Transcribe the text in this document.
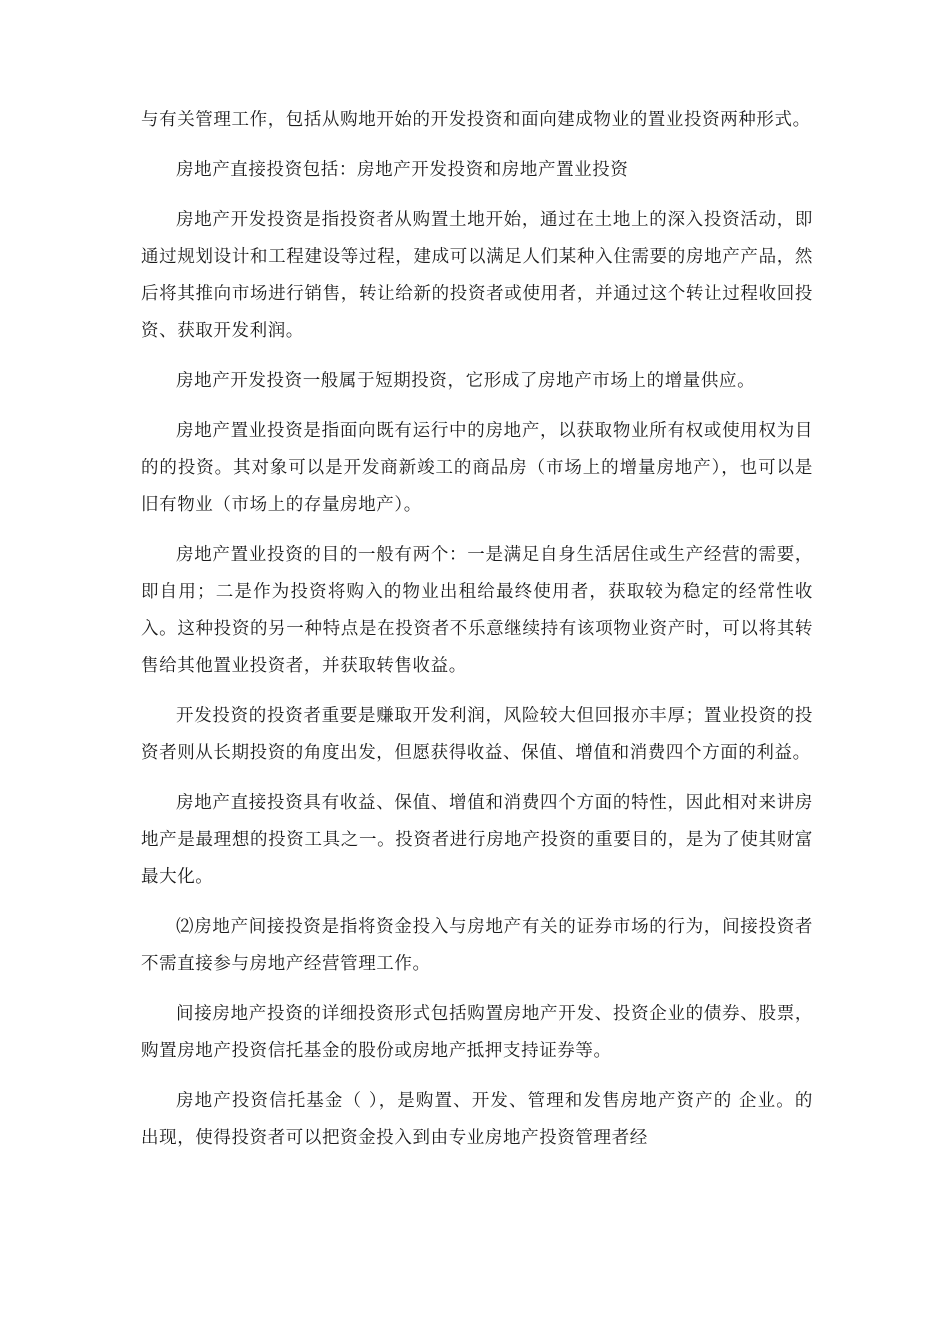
与有关管理工作，包括从购地开始的开发投资和面向建成物业的置业投资两种形式。

房地产直接投资包括：房地产开发投资和房地产置业投资

房地产开发投资是指投资者从购置土地开始，通过在土地上的深入投资活动，即通过规划设计和工程建设等过程，建成可以满足人们某种入住需要的房地产产品，然后将其推向市场进行销售，转让给新的投资者或使用者，并通过这个转让过程收回投资、获取开发利润。

房地产开发投资一般属于短期投资，它形成了房地产市场上的增量供应。

房地产置业投资是指面向既有运行中的房地产，以获取物业所有权或使用权为目的的投资。其对象可以是开发商新竣工的商品房（市场上的增量房地产），也可以是旧有物业（市场上的存量房地产）。

房地产置业投资的目的一般有两个：一是满足自身生活居住或生产经营的需要，即自用；二是作为投资将购入的物业出租给最终使用者，获取较为稳定的经常性收入。这种投资的另一种特点是在投资者不乐意继续持有该项物业资产时，可以将其转售给其他置业投资者，并获取转售收益。

开发投资的投资者重要是赚取开发利润，风险较大但回报亦丰厚；置业投资的投资者则从长期投资的角度出发，但愿获得收益、保值、增值和消费四个方面的利益。

房地产直接投资具有收益、保值、增值和消费四个方面的特性，因此相对来讲房地产是最理想的投资工具之一。投资者进行房地产投资的重要目的，是为了使其财富最大化。

⑵房地产间接投资是指将资金投入与房地产有关的证券市场的行为，间接投资者不需直接参与房地产经营管理工作。

间接房地产投资的详细投资形式包括购置房地产开发、投资企业的债券、股票，购置房地产投资信托基金的股份或房地产抵押支持证券等。

房地产投资信托基金（ ），是购置、开发、管理和发售房地产资产的 企业。的出现，使得投资者可以把资金投入到由专业房地产投资管理者经
